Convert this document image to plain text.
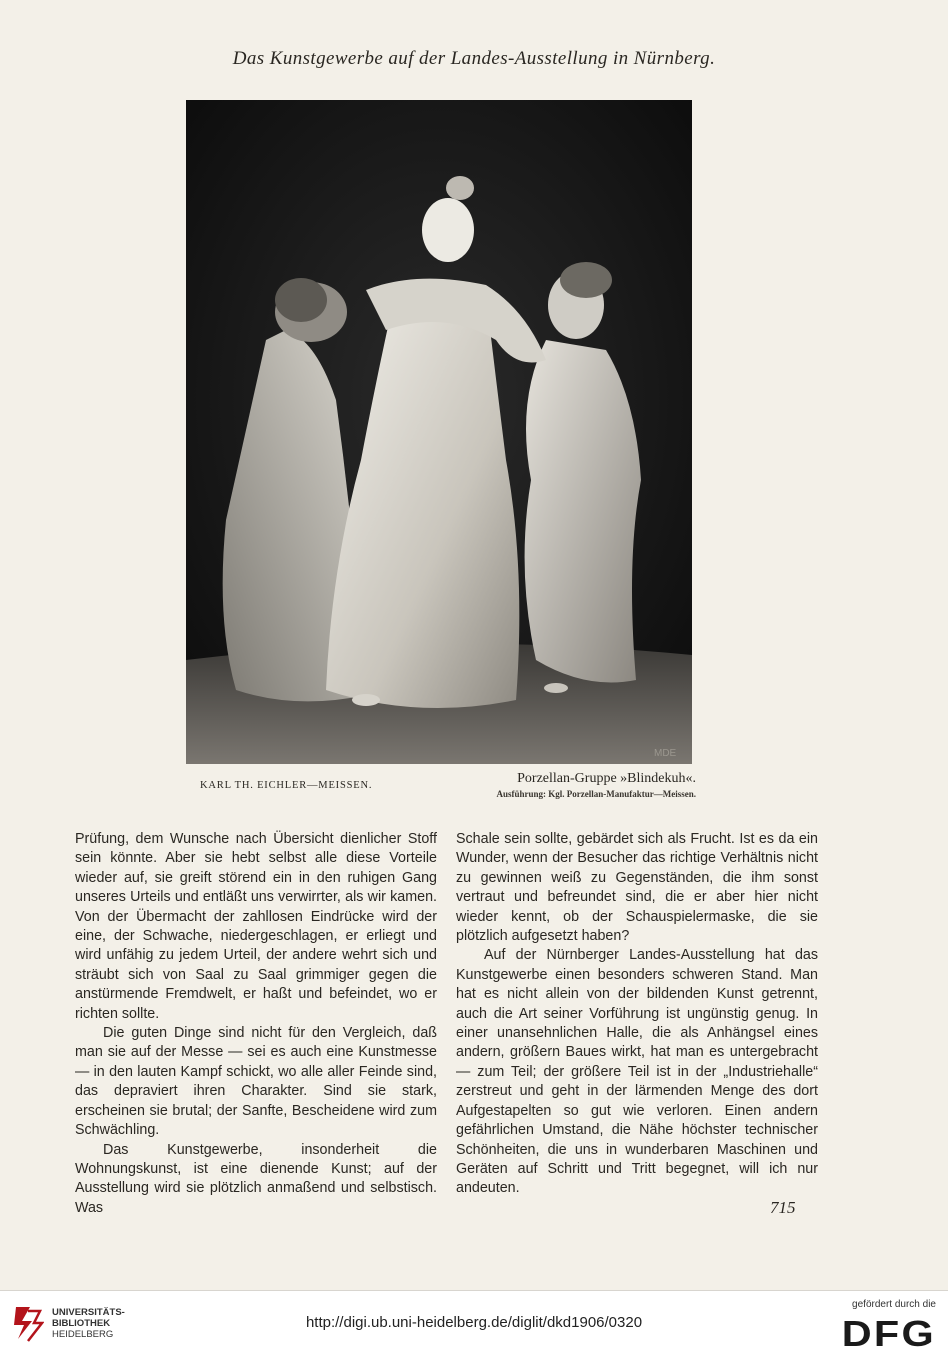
Das Kunstgewerbe auf der Landes-Ausstellung in Nürnberg.
MDE
KARL TH. EICHLER—MEISSEN.	Porzellan-Gruppe »Blindekuh«.
Ausführung: Kgl. Porzellan-Manufaktur—Meissen.

Prüfung, dem Wunsche nach Übersicht dienlicher Stoff sein könnte. Aber sie hebt selbst alle diese Vorteile wieder auf, sie greift störend ein in den ruhigen Gang unseres Urteils und entläßt uns verwirrter, als wir kamen. Von der Übermacht der zahllosen Eindrücke wird der eine, der Schwache, niedergeschlagen, er erliegt und wird unfähig zu jedem Urteil, der andere wehrt sich und sträubt sich von Saal zu Saal grimmiger gegen die anstürmende Fremdwelt, er haßt und befeindet, wo er richten sollte.

Die guten Dinge sind nicht für den Vergleich, daß man sie auf der Messe — sei es auch eine Kunstmesse — in den lauten Kampf schickt, wo alle aller Feinde sind, das depraviert ihren Charakter. Sind sie stark, erscheinen sie brutal; der Sanfte, Bescheidene wird zum Schwächling.

Das Kunstgewerbe, insonderheit die Wohnungskunst, ist eine dienende Kunst; auf der Ausstellung wird sie plötzlich anmaßend und selbstisch. Was

Schale sein sollte, gebärdet sich als Frucht. Ist es da ein Wunder, wenn der Besucher das richtige Verhältnis nicht zu gewinnen weiß zu Gegenständen, die ihm sonst vertraut und befreundet sind, die er aber hier nicht wieder kennt, ob der Schauspielermaske, die sie plötzlich aufgesetzt haben?

Auf der Nürnberger Landes-Ausstellung hat das Kunstgewerbe einen besonders schweren Stand. Man hat es nicht allein von der bildenden Kunst getrennt, auch die Art seiner Vorführung ist ungünstig genug. In einer unansehnlichen Halle, die als Anhängsel eines andern, größern Baues wirkt, hat man es untergebracht — zum Teil; der größere Teil ist in der „Industriehalle“ zerstreut und geht in der lärmenden Menge des dort Aufgestapelten so gut wie verloren. Einen andern gefährlichen Umstand, die Nähe höchster technischer Schönheiten, die uns in wunderbaren Maschinen und Geräten auf Schritt und Tritt begegnet, will ich nur andeuten.

715
UNIVERSITÄTS-
BIBLIOTHEK
HEIDELBERG
http://digi.ub.uni-heidelberg.de/diglit/dkd1906/0320
gefördert durch die
DFG
